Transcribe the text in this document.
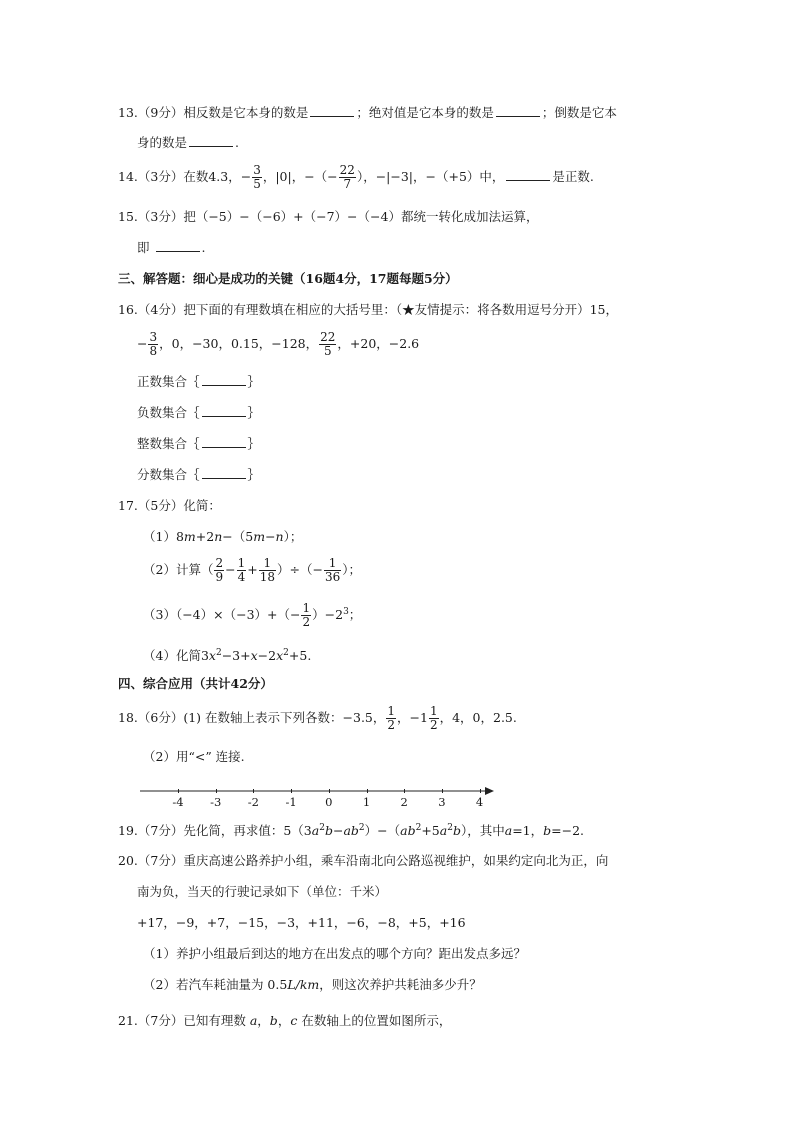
13.（9分）相反数是它本身的数是	；绝对值是它本身的数是	；倒数是它本
身的数是	.
14.（3分）在数4.3，− $\frac{3}{5}$ ，|0|，−（− $\frac{22}{7}$ ），−|−3|，−（+5）中，	是正数.
15.（3分）把（−5）−（−6）+（−7）−（−4）都统一转化成加法运算，
即	.
三、解答题：细心是成功的关键（16题4分，17题每题5分）
16.（4分）把下面的有理数填在相应的大括号里：（★友情提示：将各数用逗号分开）15，
− $\frac{3}{8}$ ，0，−30，0.15，−128， $\frac{22}{5}$ ，+20，−2.6
正数集合｛	｝
负数集合｛	｝
整数集合｛	｝
分数集合｛	｝
17.（5分）化简：
（1）8m+2n−（5m−n）；
（2）计算（ $\frac{2}{9} - \frac{1}{4} + \frac{1}{18}$ ）÷（− $\frac{1}{36}$ ）；
$(3)(-4)\times(-3)+(- \frac{1}{2} )-2^3$；
（4）化简$3x^2-3+x-2x^2+5$.
四、综合应用（共计42分）
18.（6分）(1) 在数轴上表示下列各数：−3.5， $\frac{1}{2}$ ，$-1 \frac{1}{2}$ ，4，0，2.5.
（2）用“<” 连接.
-4	-3	-2	-1	0	1	2	3	4
19.（7分）先化简，再求值：$5(3a^2b-ab^2)-(ab^2+5a^2b)$，其中a=1，b=−2.
20.（7分）重庆高速公路养护小组，乘车沿南北向公路巡视维护，如果约定向北为正，向
南为负，当天的行驶记录如下（单位：千米）
+17，−9，+7，−15，−3，+11，−6，−8，+5，+16
（1）养护小组最后到达的地方在出发点的哪个方向？距出发点多远？
（2）若汽车耗油量为 0.5L/km，则这次养护共耗油多少升？
21.（7分）已知有理数 a，b，c 在数轴上的位置如图所示，
